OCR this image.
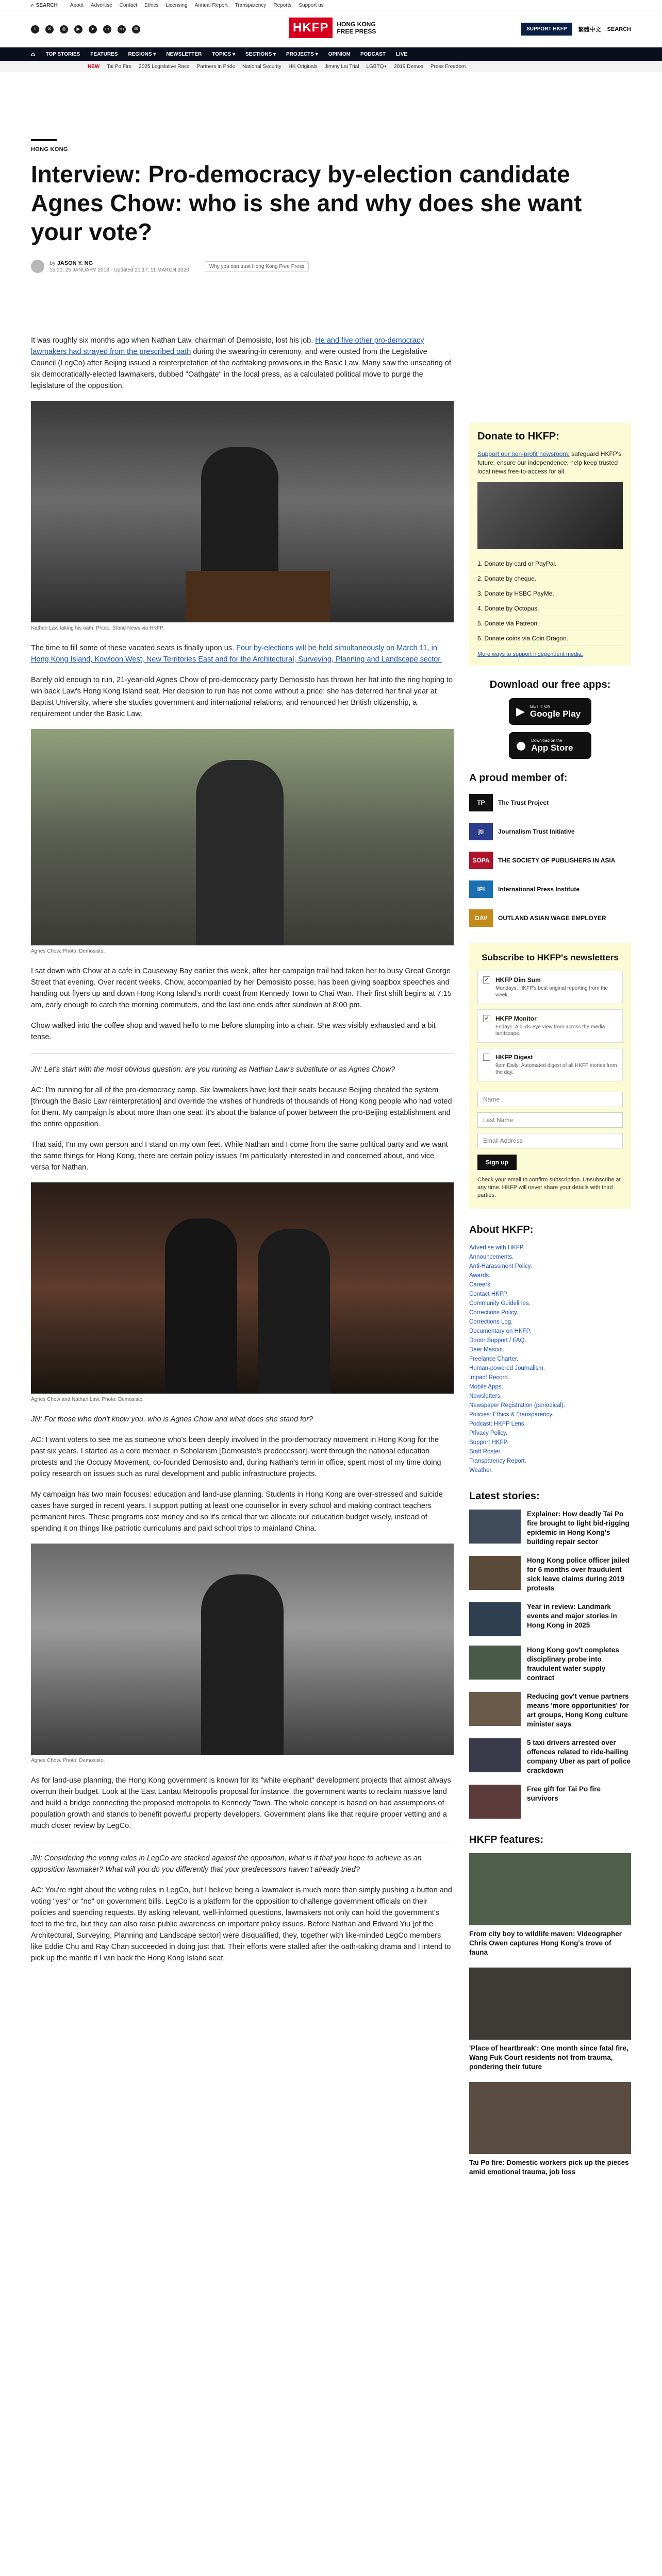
⌕ SEARCH About Advertise Contact Ethics Licensing Annual Report Transparency Reports Support us
f	✕	◎	▶	➤	in	m	✉	HKFP	HONG KONG
FREE PRESS	SUPPORT HKFP	繁體中文 SEARCH
⌂ TOP STORIES FEATURES REGIONS ▾ NEWSLETTER TOPICS ▾ SECTIONS ▾ PROJECTS ▾ OPINION PODCAST LIVE
NEW Tai Po Fire 2025 Legislative Race Partners in Pride National Security HK Originals Jimmy Lai Trial LGBTQ+ 2019 Demos Press Freedom
HONG KONG
Interview: Pro-democracy by-election candidate Agnes Chow: who is she and why does she want your vote?
by JASON Y. NG
15:00, 25 JANUARY 2018 · Updated 21:17, 11 MARCH 2020
Why you can trust Hong Kong Free Press

It was roughly six months ago when Nathan Law, chairman of Demosisto, lost his job. He and five other pro-democracy lawmakers had strayed from the prescribed oath during the swearing-in ceremony, and were ousted from the Legislative Council (LegCo) after Beijing issued a reinterpretation of the oathtaking provisions in the Basic Law. Many saw the unseating of six democratically-elected lawmakers, dubbed "Oathgate" in the local press, as a calculated political move to purge the legislature of the opposition.

Nathan Law taking his oath. Photo: Stand News via HKFP.

The time to fill some of these vacated seats is finally upon us. Four by-elections will be held simultaneously on March 11, in Hong Kong Island, Kowloon West, New Territories East and for the Architectural, Surveying, Planning and Landscape sector.

Barely old enough to run, 21-year-old Agnes Chow of pro-democracy party Demosisto has thrown her hat into the ring hoping to win back Law's Hong Kong Island seat. Her decision to run has not come without a price: she has deferred her final year at Baptist University, where she studies government and international relations, and renounced her British citizenship, a requirement under the Basic Law.

Agnes Chow. Photo: Demosisto.

I sat down with Chow at a cafe in Causeway Bay earlier this week, after her campaign trail had taken her to busy Great George Street that evening. Over recent weeks, Chow, accompanied by her Demosisto posse, has been giving soapbox speeches and handing out flyers up and down Hong Kong Island's north coast from Kennedy Town to Chai Wan. Their first shift begins at 7:15 am, early enough to catch the morning commuters, and the last one ends after sundown at 8:00 pm.

Chow walked into the coffee shop and waved hello to me before slumping into a chair. She was visibly exhausted and a bit tense.

JN: Let's start with the most obvious question: are you running as Nathan Law's substitute or as Agnes Chow?

AC: I'm running for all of the pro-democracy camp. Six lawmakers have lost their seats because Beijing cheated the system [through the Basic Law reinterpretation] and override the wishes of hundreds of thousands of Hong Kong people who had voted for them. My campaign is about more than one seat: it's about the balance of power between the pro-Beijing establishment and the entire opposition.

That said, I'm my own person and I stand on my own feet. While Nathan and I come from the same political party and we want the same things for Hong Kong, there are certain policy issues I'm particularly interested in and concerned about, and vice versa for Nathan.

Agnes Chow and Nathan Law. Photo: Demosisto.

JN: For those who don't know you, who is Agnes Chow and what does she stand for?

AC: I want voters to see me as someone who's been deeply involved in the pro-democracy movement in Hong Kong for the past six years. I started as a core member in Scholarism [Demosisto's predecessor], went through the national education protests and the Occupy Movement, co-founded Demosisto and, during Nathan's term in office, spent most of my time doing policy research on issues such as rural development and public infrastructure projects.

My campaign has two main focuses: education and land-use planning. Students in Hong Kong are over-stressed and suicide cases have surged in recent years. I support putting at least one counsellor in every school and making contract teachers permanent hires. These programs cost money and so it's critical that we allocate our education budget wisely, instead of spending it on things like patriotic curriculums and paid school trips to mainland China.

Agnes Chow. Photo: Demosisto.

As for land-use planning, the Hong Kong government is known for its "white elephant" development projects that almost always overrun their budget. Look at the East Lantau Metropolis proposal for instance: the government wants to reclaim massive land and build a bridge connecting the proposed metropolis to Kennedy Town. The whole concept is based on bad assumptions of population growth and stands to benefit powerful property developers. Government plans like that require proper vetting and a much closer review by LegCo.

JN: Considering the voting rules in LegCo are stacked against the opposition, what is it that you hope to achieve as an opposition lawmaker? What will you do you differently that your predecessors haven't already tried?

AC: You're right about the voting rules in LegCo, but I believe being a lawmaker is much more than simply pushing a button and voting "yes" or "no" on government bills. LegCo is a platform for the opposition to challenge government officials on their policies and spending requests. By asking relevant, well-informed questions, lawmakers not only can hold the government's feet to the fire, but they can also raise public awareness on important policy issues. Before Nathan and Edward Yiu [of the Architectural, Surveying, Planning and Landscape sector] were disqualified, they, together with like-minded LegCo members like Eddie Chu and Ray Chan succeeded in doing just that. Their efforts were stalled after the oath-taking drama and I intend to pick up the mantle if I win back the Hong Kong Island seat.

Donate to HKFP:
Support our non-profit newsroom: safeguard HKFP's future, ensure our independence, help keep trusted local news free-to-access for all.
1. Donate by card or PayPal.
2. Donate by cheque.
3. Donate by HSBC PayMe.
4. Donate by Octopus.
5. Donate via Patreon.
6. Donate coins via Coin Dragon.
More ways to support independent media.
Download our free apps:
▶ GET IT ON
Google Play
● Download on the
App Store
A proud member of:
TP	The Trust Project
jti	Journalism Trust Initiative
SOPA	THE SOCIETY OF PUBLISHERS IN ASIA
IPI	International Press Institute
OAV	OUTLAND ASIAN WAGE EMPLOYER
Subscribe to HKFP's newsletters
✓ HKFP Dim Sum
Mondays: HKFP's best original reporting from the week.
✓ HKFP Monitor
Fridays: A birds-eye view from across the media landscape.
HKFP Digest
9pm Daily: Automated digest of all HKFP stories from the day.
Name Last Name Email Address Sign up
Check your email to confirm subscription. Unsubscribe at any time. HKFP will never share your details with third parties.
About HKFP:
Advertise with HKFP.
Announcements.
Anti-Harassment Policy.
Awards.
Careers.
Contact HKFP.
Community Guidelines.
Corrections Policy.
Corrections Log.
Documentary on HKFP.
Donor Support / FAQ.
Deer Mascot.
Freelance Charter.
Human-powered Journalism.
Impact Record.
Mobile Apps.
Newsletters.
Newspaper Registration (periodical).
Policies: Ethics & Transparency.
Podcast: HKFP Lens.
Privacy Policy.
Support HKFP.
Staff Roster.
Transparency Report.
Weather.
Latest stories:
Explainer: How deadly Tai Po fire brought to light bid-rigging epidemic in Hong Kong's building repair sector
Hong Kong police officer jailed for 6 months over fraudulent sick leave claims during 2019 protests
Year in review: Landmark events and major stories in Hong Kong in 2025
Hong Kong gov't completes disciplinary probe into fraudulent water supply contract
Reducing gov't venue partners means 'more opportunities' for art groups, Hong Kong culture minister says
5 taxi drivers arrested over offences related to ride-hailing company Uber as part of police crackdown
Free gift for Tai Po fire survivors
HKFP features:
From city boy to wildlife maven: Videographer Chris Owen captures Hong Kong's trove of fauna
'Place of heartbreak': One month since fatal fire, Wang Fuk Court residents not from trauma, pondering their future
Tai Po fire: Domestic workers pick up the pieces amid emotional trauma, job loss
